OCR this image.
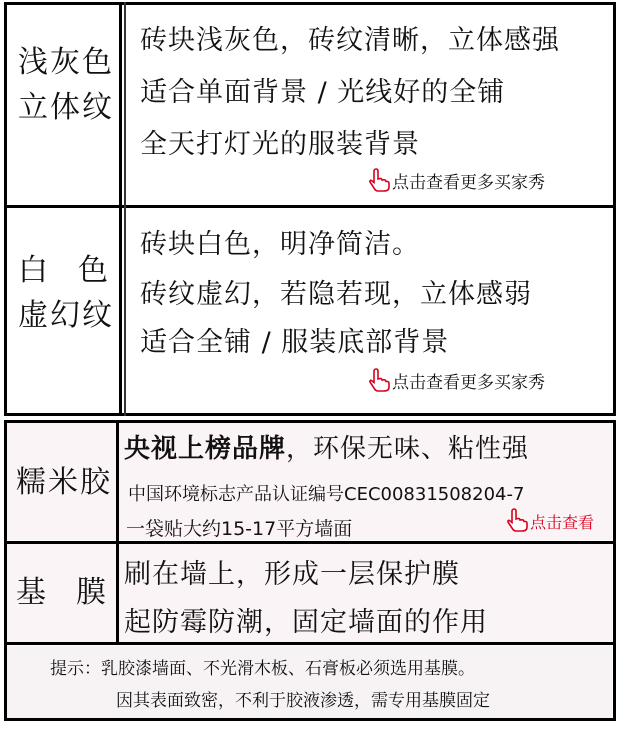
浅灰色
立体纹
砖块浅灰色，砖纹清晰，立体感强
适合单面背景 / 光线好的全铺
全天打灯光的服装背景
点击查看更多买家秀
白　色
虚幻纹
砖块白色，明净简洁。
砖纹虚幻，若隐若现，立体感弱
适合全铺 / 服装底部背景
点击查看更多买家秀
糯米胶
央视上榜品牌，环保无味、粘性强
中国环境标志产品认证编号CEC00831508204-7
一袋贴大约15-17平方墙面	点击查看
基　膜
刷在墙上，形成一层保护膜
起防霉防潮，固定墙面的作用
提示：乳胶漆墙面、不光滑木板、石膏板必须选用基膜。
因其表面致密，不利于胶液渗透，需专用基膜固定
